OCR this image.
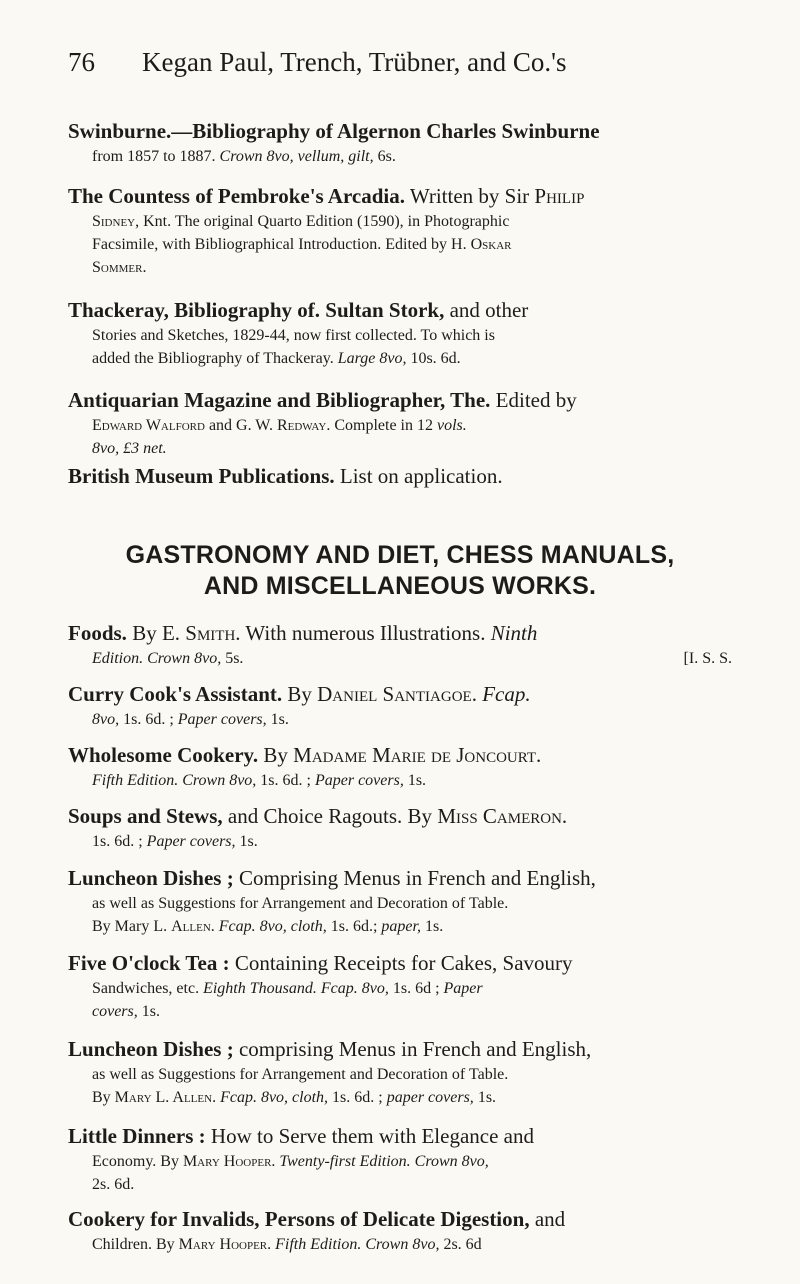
76 Kegan Paul, Trench, Trübner, and Co.'s
Swinburne.—Bibliography of Algernon Charles Swinburne
from 1857 to 1887. Crown 8vo, vellum, gilt, 6s.
The Countess of Pembroke's Arcadia. Written by Sir Philip
Sidney, Knt. The original Quarto Edition (1590), in Photographic
Facsimile, with Bibliographical Introduction. Edited by H. Oskar
Sommer.
Thackeray, Bibliography of. Sultan Stork, and other
Stories and Sketches, 1829-44, now first collected. To which is
added the Bibliography of Thackeray. Large 8vo, 10s. 6d.
Antiquarian Magazine and Bibliographer, The. Edited by
Edward Walford and G. W. Redway. Complete in 12 vols.
8vo, £3 net.
British Museum Publications. List on application.
GASTRONOMY AND DIET, CHESS MANUALS,
AND MISCELLANEOUS WORKS.
Foods. By E. Smith. With numerous Illustrations. Ninth
Edition. Crown 8vo, 5s.	[I. S. S.
Curry Cook's Assistant. By Daniel Santiagoe. Fcap.
8vo, 1s. 6d. ; Paper covers, 1s.
Wholesome Cookery. By Madame Marie de Joncourt.
Fifth Edition. Crown 8vo, 1s. 6d. ; Paper covers, 1s.
Soups and Stews, and Choice Ragouts. By Miss Cameron.
1s. 6d. ; Paper covers, 1s.
Luncheon Dishes ; Comprising Menus in French and English,
as well as Suggestions for Arrangement and Decoration of Table.
By Mary L. Allen. Fcap. 8vo, cloth, 1s. 6d.; paper, 1s.
Five O'clock Tea : Containing Receipts for Cakes, Savoury
Sandwiches, etc. Eighth Thousand. Fcap. 8vo, 1s. 6d ; Paper
covers, 1s.
Luncheon Dishes ; comprising Menus in French and English,
as well as Suggestions for Arrangement and Decoration of Table.
By Mary L. Allen. Fcap. 8vo, cloth, 1s. 6d. ; paper covers, 1s.
Little Dinners : How to Serve them with Elegance and
Economy. By Mary Hooper. Twenty-first Edition. Crown 8vo,
2s. 6d.
Cookery for Invalids, Persons of Delicate Digestion, and
Children. By Mary Hooper. Fifth Edition. Crown 8vo, 2s. 6d
